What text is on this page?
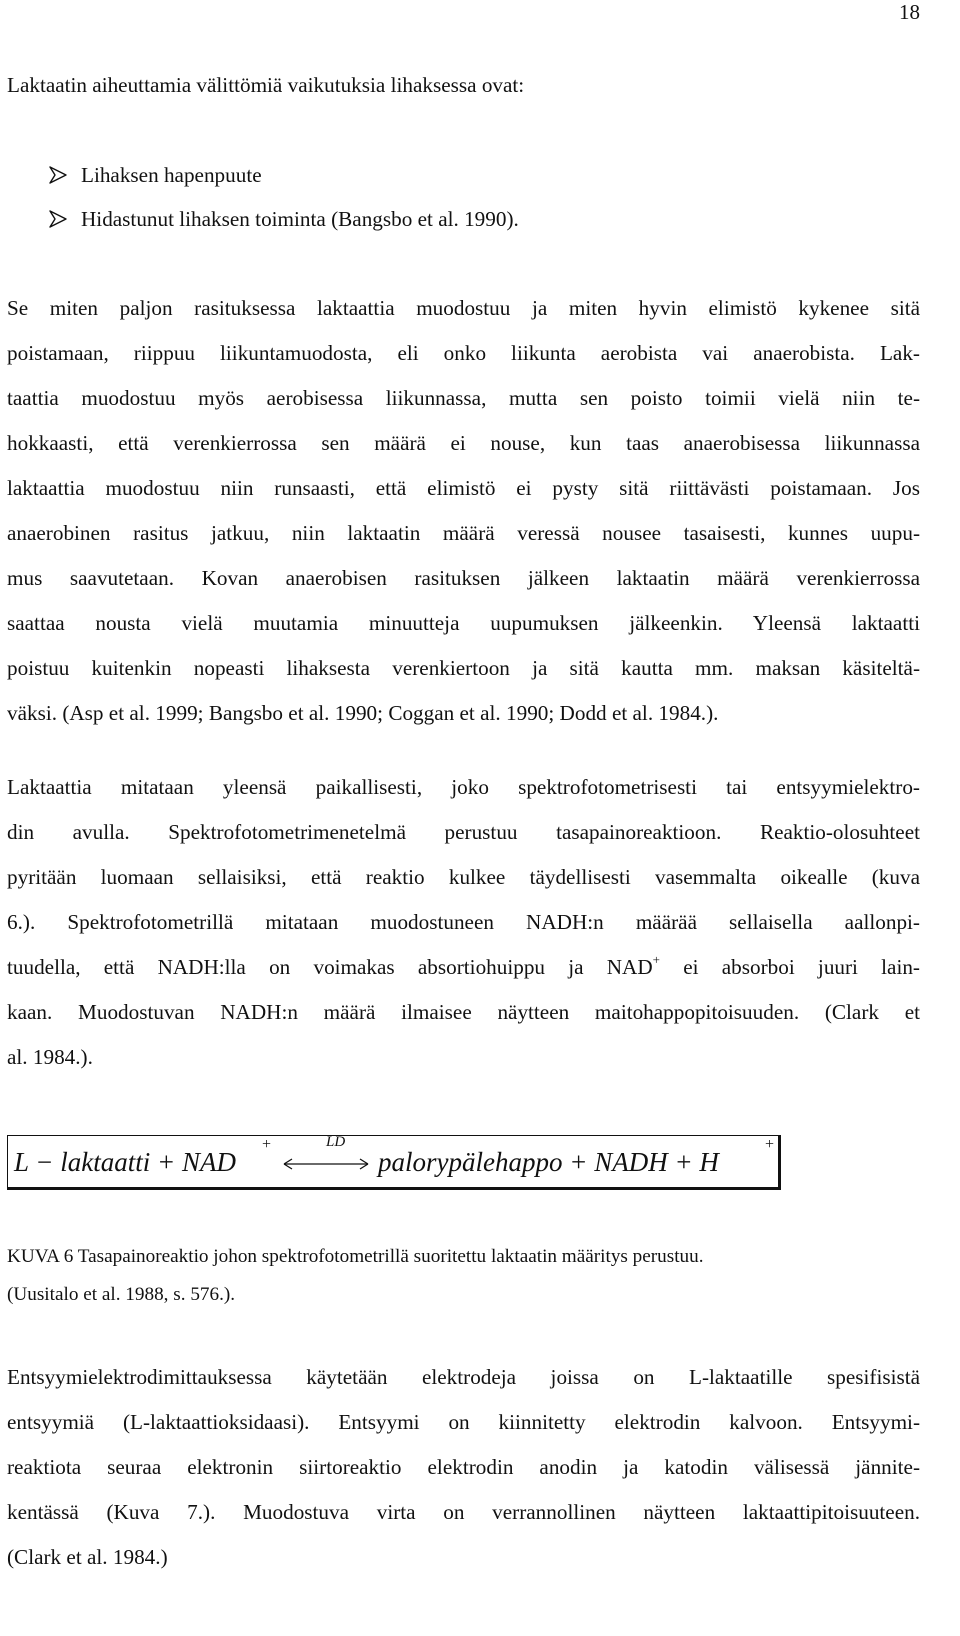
18
Laktaatin aiheuttamia välittömiä vaikutuksia lihaksessa ovat:
Lihaksen hapenpuute
Hidastunut lihaksen toiminta (Bangsbo et al. 1990).
Se miten paljon rasituksessa laktaattia muodostuu ja miten hyvin elimistö kykenee sitä
poistamaan, riippuu liikuntamuodosta, eli onko liikunta aerobista vai anaerobista. Lak-
taattia muodostuu myös aerobisessa liikunnassa, mutta sen poisto toimii vielä niin te-
hokkaasti, että verenkierrossa sen määrä ei nouse, kun taas anaerobisessa liikunnassa
laktaattia muodostuu niin runsaasti, että elimistö ei pysty sitä riittävästi poistamaan. Jos
anaerobinen rasitus jatkuu, niin laktaatin määrä veressä nousee tasaisesti, kunnes uupu-
mus saavutetaan. Kovan anaerobisen rasituksen jälkeen laktaatin määrä verenkierrossa
saattaa nousta vielä muutamia minuutteja uupumuksen jälkeenkin. Yleensä laktaatti
poistuu kuitenkin nopeasti lihaksesta verenkiertoon ja sitä kautta mm. maksan käsiteltä-
väksi. (Asp et al. 1999; Bangsbo et al. 1990; Coggan et al. 1990; Dodd et al. 1984.).
Laktaattia mitataan yleensä paikallisesti, joko spektrofotometrisesti tai entsyymielektro-
din avulla. Spektrofotometrimenetelmä perustuu tasapainoreaktioon. Reaktio-olosuhteet
pyritään luomaan sellaisiksi, että reaktio kulkee täydellisesti vasemmalta oikealle (kuva
6.). Spektrofotometrillä mitataan muodostuneen NADH:n määrää sellaisella aallonpi-
tuudella, että NADH:lla on voimakas absortiohuippu ja NAD+ ei absorboi juuri lain-
kaan. Muodostuvan NADH:n määrä ilmaisee näytteen maitohappopitoisuuden. (Clark et
al. 1984.).
L − laktaatti + NAD
+	LD
palorypälehappo + NADH + H
+
KUVA 6 Tasapainoreaktio johon spektrofotometrillä suoritettu laktaatin määritys perustuu.
(Uusitalo et al. 1988, s. 576.).
Entsyymielektrodimittauksessa käytetään elektrodeja joissa on L-laktaatille spesifisistä
entsyymiä (L-laktaattioksidaasi). Entsyymi on kiinnitetty elektrodin kalvoon. Entsyymi-
reaktiota seuraa elektronin siirtoreaktio elektrodin anodin ja katodin välisessä jännite-
kentässä (Kuva 7.). Muodostuva virta on verrannollinen näytteen laktaattipitoisuuteen.
(Clark et al. 1984.)
